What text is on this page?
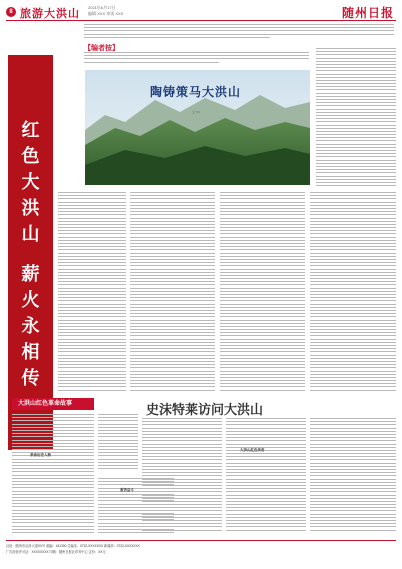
8 旅游大洪山
2021年6月17日
编辑 XXX 审读 XXX	随州日报
【编者按】
陶铸策马大洪山
文 XX
红
色
大
洪
山
薪
火
永
相
传
大洪山红色革命故事	史沫特莱访问大洪山
革命历史人物
艰苦奋斗
大洪山红色传奇
社址：随州市沿河大道XX号 邮编：441300 总编室：0722-XXXXXXX 新闻部：0722-XXXXXXX
广告经营许可证：XXXXXXXX 印刷：随州日报社印务中心 定价：XX元
